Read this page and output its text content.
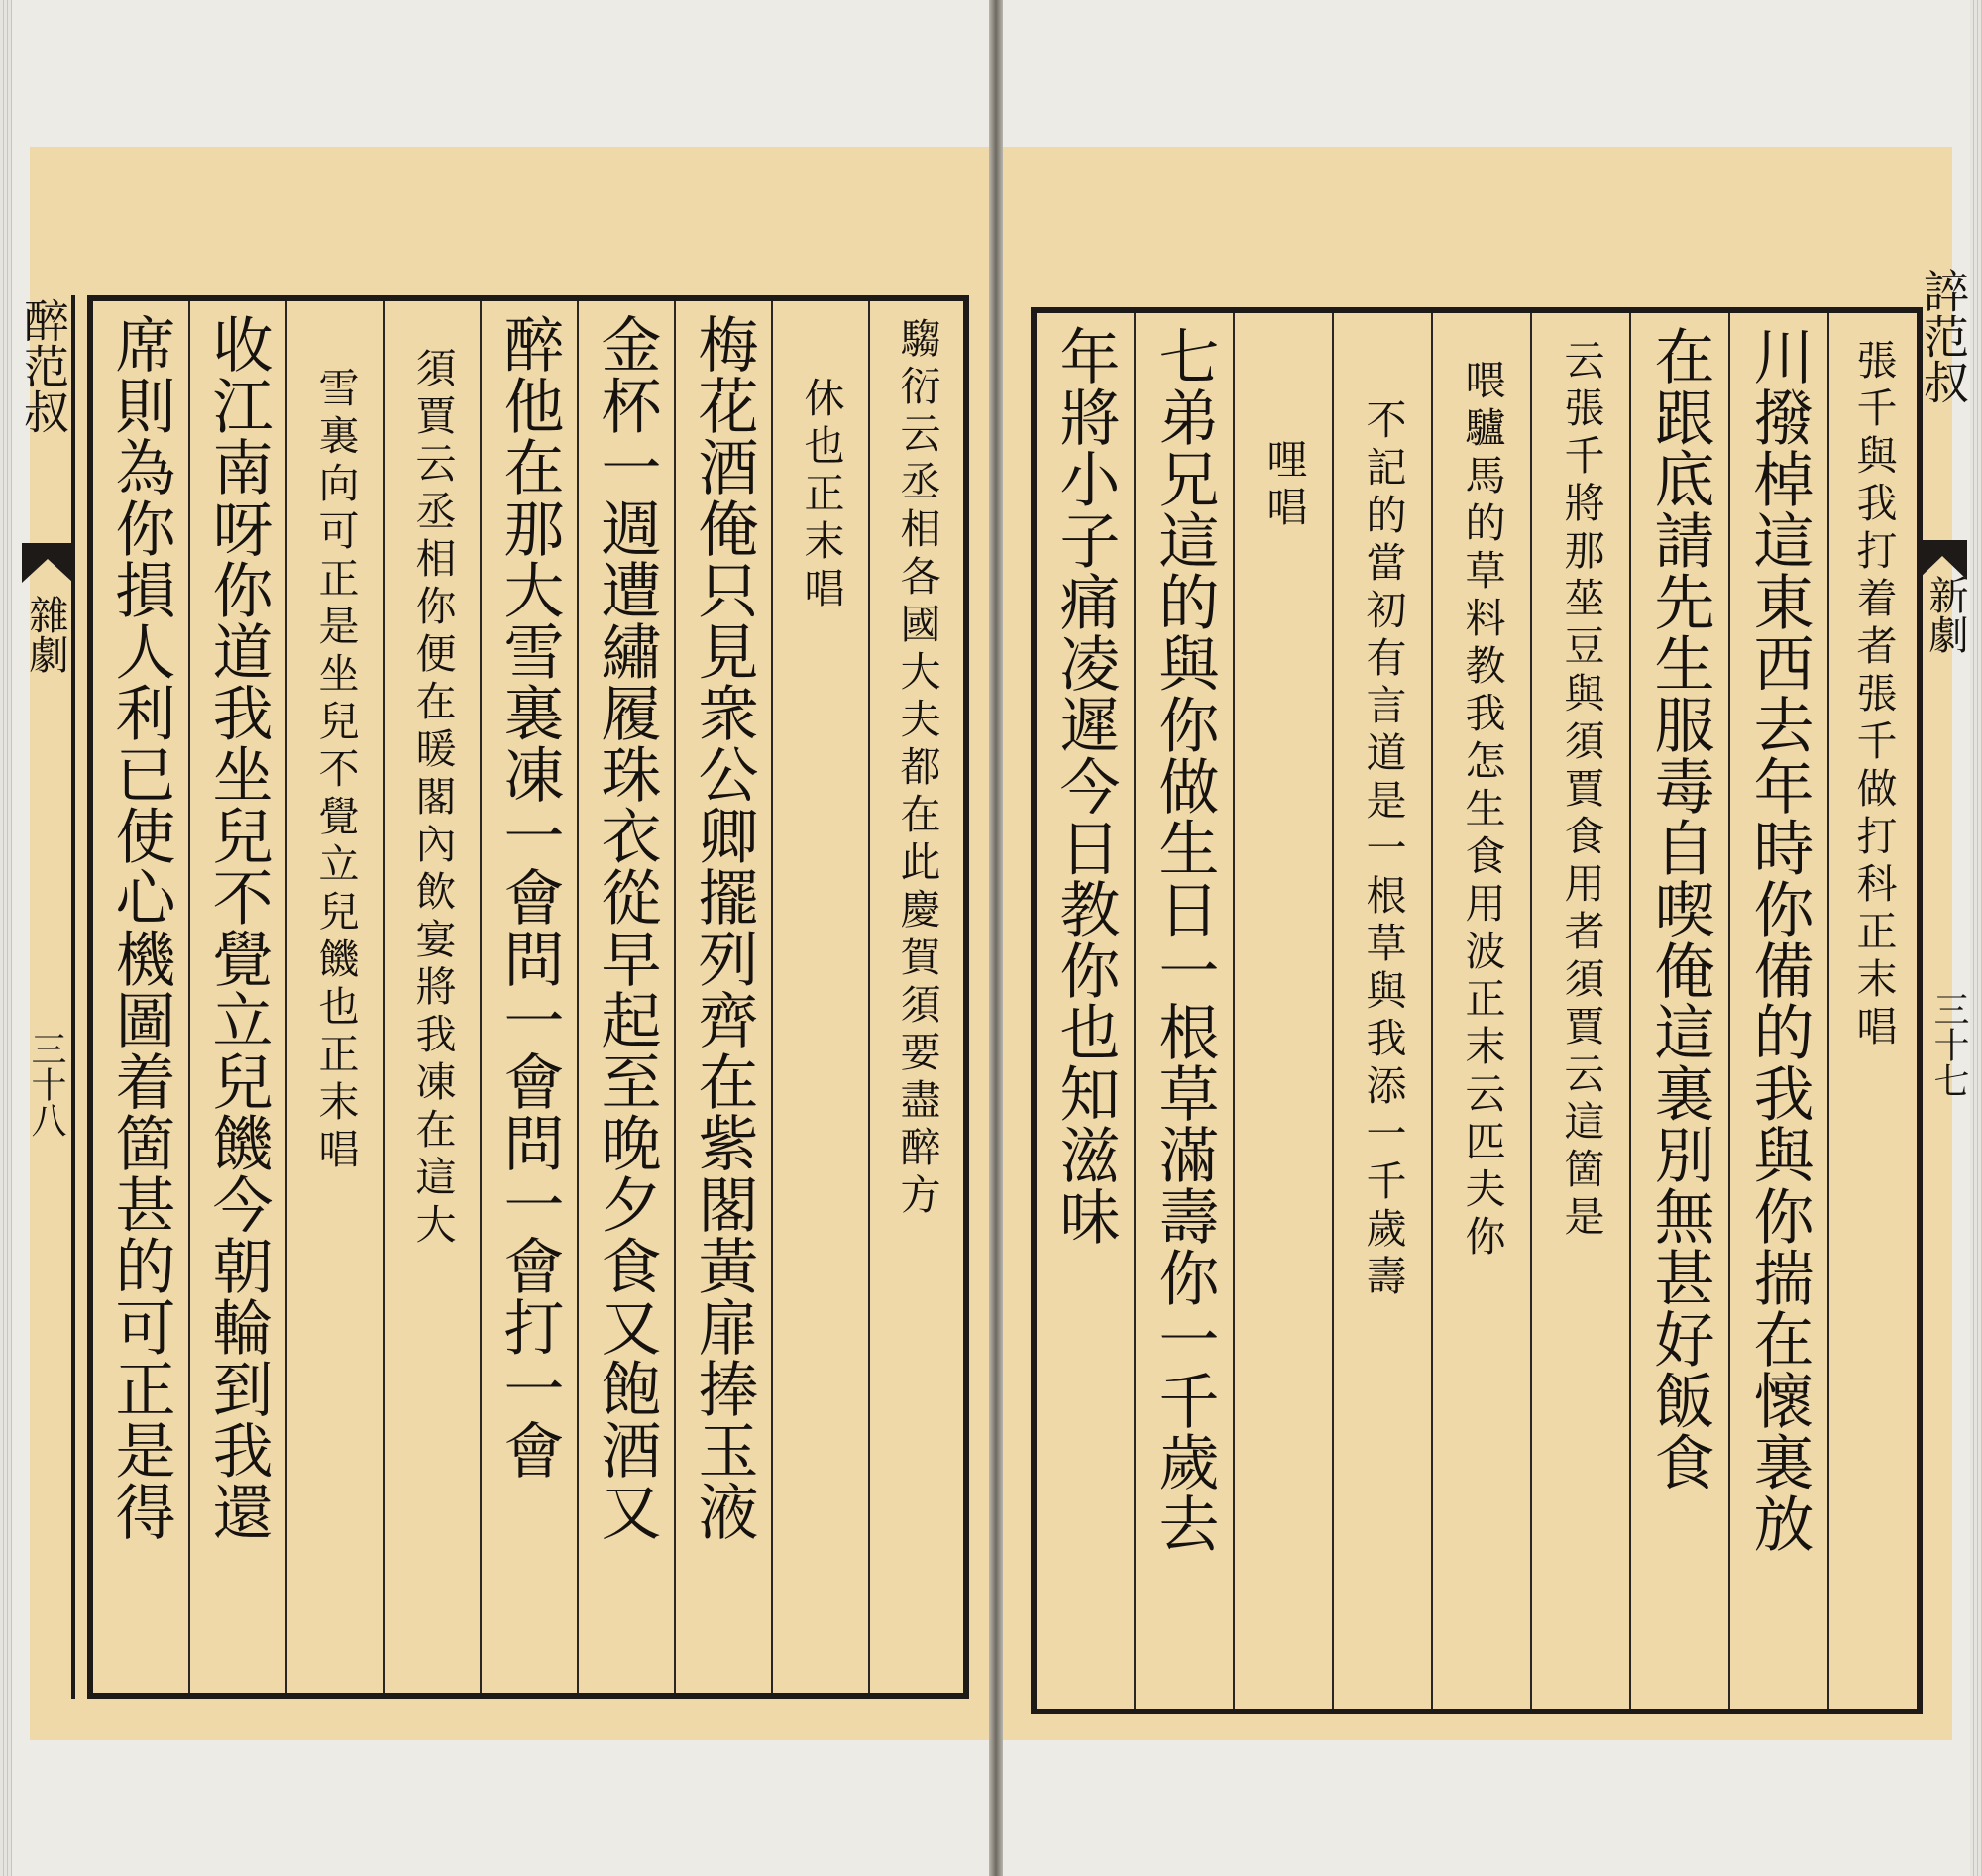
醉范叔
雜劇
三十八
誶范叔
新劇
三十七
席則為你損人利已使心機圖着箇甚的可正是得 收江南呀你道我坐兒不覺立兒饑今朝輪到我還 雪裏向可正是坐兒不覺立兒饑也正末唱 須賈云丞相你便在暖閣內飲宴將我凍在這大 醉他在那大雪裏凍一會問一會問一會打一會 金杯一週遭繡履珠衣從早起至晚夕食又飽酒又 梅花酒俺只見衆公卿擺列齊在紫閣黃扉捧玉液 休也正末唱 騶衍云丞相各國大夫都在此慶賀須要盡醉方 年將小子痛凌遲今日教你也知滋味 七弟兄這的與你做生日一根草滿壽你一千歲去 哩唱 不記的當初有言道是一根草與我添一千歲壽 喂驢馬的草料教我怎生食用波正末云匹夫你 云張千將那莝豆與須賈食用者須賈云這箇是 在跟底請先生服毒自喫俺這裏別無甚好飯食 川撥棹這東西去年時你備的我與你揣在懷裏放 張千與我打着者張千做打科正末唱
